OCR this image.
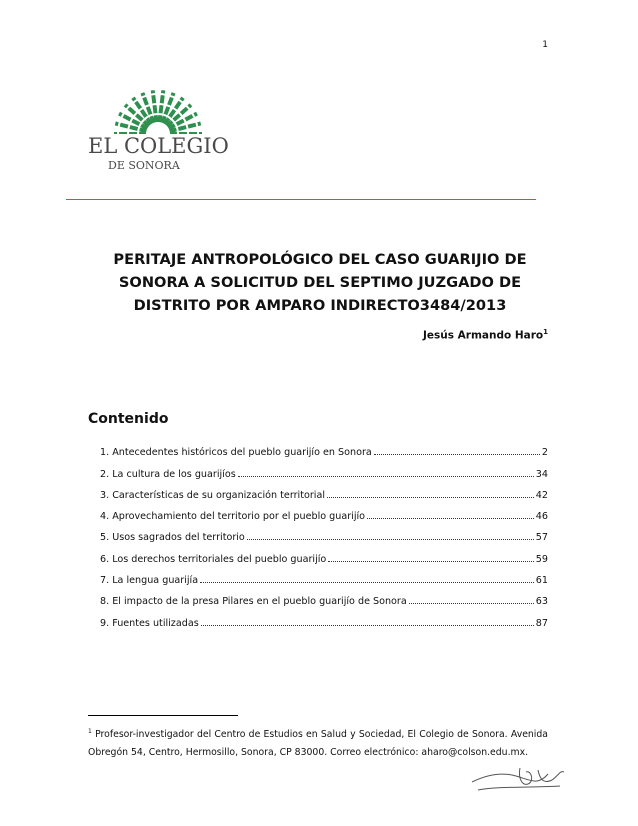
1
EL COLEGIO
DE SONORA
PERITAJE ANTROPOLÓGICO DEL CASO GUARIJIO DE
SONORA A SOLICITUD DEL SEPTIMO JUZGADO DE
DISTRITO POR AMPARO INDIRECTO3484/2013
Jesús Armando Haro$^1$
Contenido
1. Antecedentes históricos del pueblo guarijío en Sonora	2
2. La cultura de los guarijíos	34
3. Características de su organización territorial	42
4. Aprovechamiento del territorio por el pueblo guarijío	46
5. Usos sagrados del territorio	57
6. Los derechos territoriales del pueblo guarijío	59
7. La lengua guarijía	61
8. El impacto de la presa Pilares en el pueblo guarijío de Sonora	63
9. Fuentes utilizadas	87
$^1$ Profesor-investigador del Centro de Estudios en Salud y Sociedad, El Colegio de Sonora. Avenida Obregón 54, Centro, Hermosillo, Sonora, CP 83000. Correo electrónico: aharo@colson.edu.mx.
